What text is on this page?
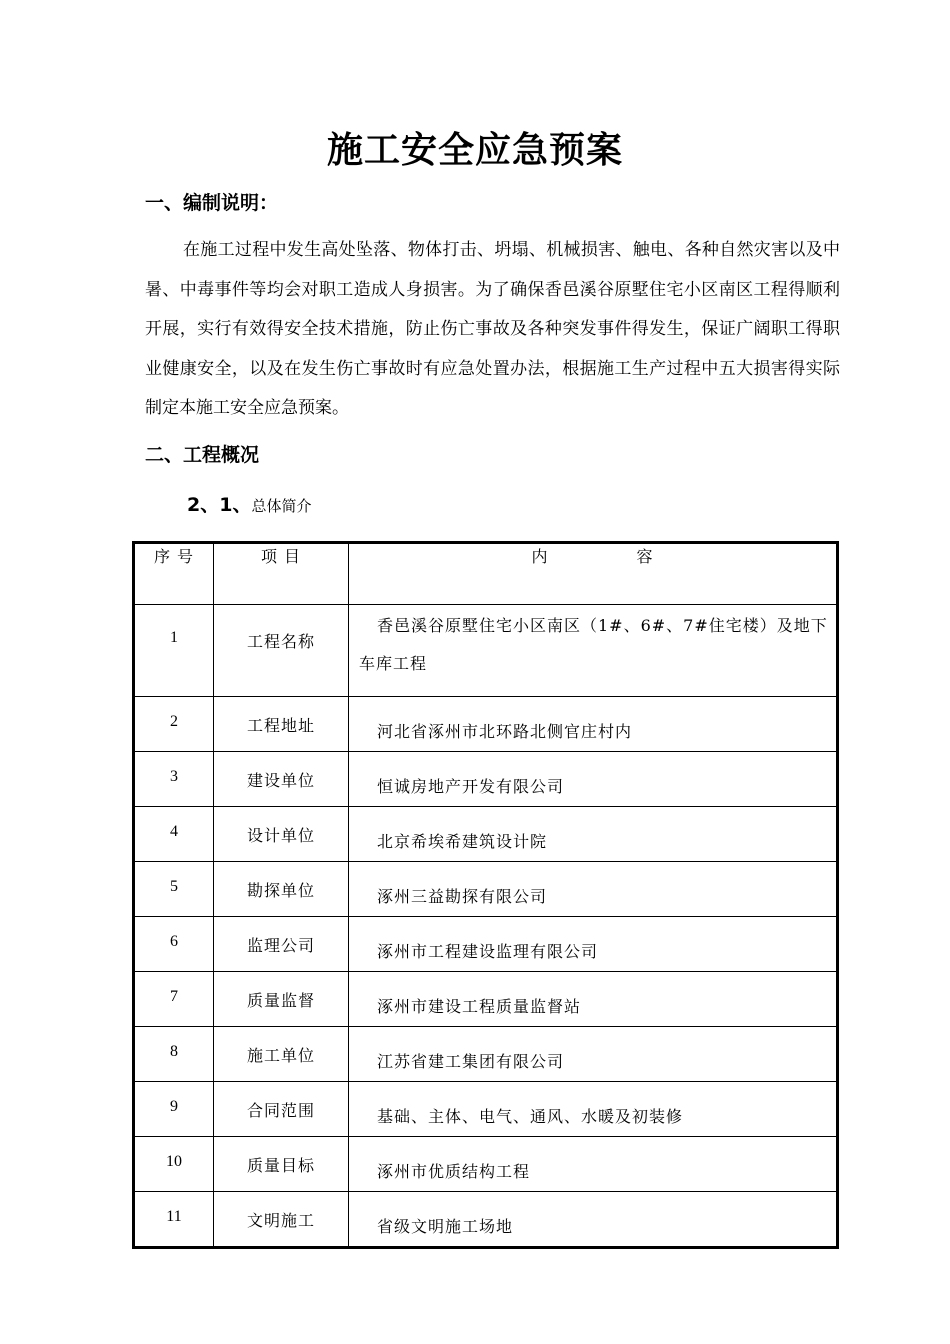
施工安全应急预案
一、编制说明：
在施工过程中发生高处坠落、物体打击、坍塌、机械损害、触电、各种自然灾害以及中暑、中毒事件等均会对职工造成人身损害。为了确保香邑溪谷原墅住宅小区南区工程得顺利开展，实行有效得安全技术措施，防止伤亡事故及各种突发事件得发生，保证广阔职工得职业健康安全，以及在发生伤亡事故时有应急处置办法，根据施工生产过程中五大损害得实际制定本施工安全应急预案。
二、工程概况
2、1、总体简介
序 号	项 目	内 容
1	工程名称	香邑溪谷原墅住宅小区南区（1#、6#、7#住宅楼）及地下车库工程
2	工程地址	河北省涿州市北环路北侧官庄村内
3	建设单位	恒诚房地产开发有限公司
4	设计单位	北京希埃希建筑设计院
5	勘探单位	涿州三益勘探有限公司
6	监理公司	涿州市工程建设监理有限公司
7	质量监督	涿州市建设工程质量监督站
8	施工单位	江苏省建工集团有限公司
9	合同范围	基础、主体、电气、通风、水暖及初装修
10	质量目标	涿州市优质结构工程
11	文明施工	省级文明施工场地
